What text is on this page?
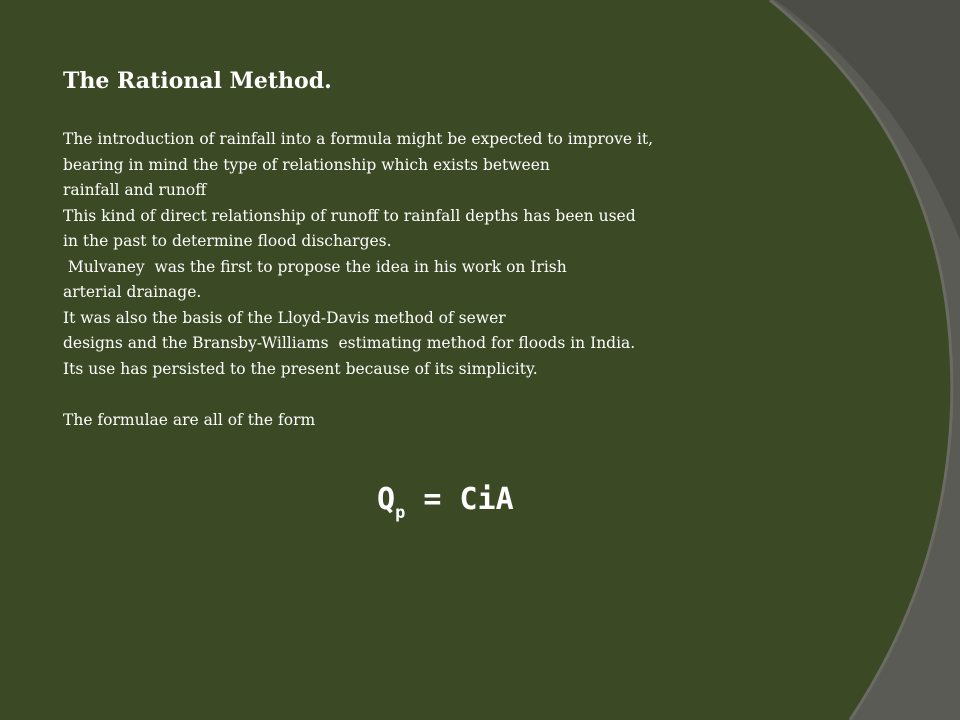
The Rational Method.
The introduction of rainfall into a formula might be expected to improve it,
bearing in mind the type of relationship which exists between
rainfall and runoff
This kind of direct relationship of runoff to rainfall depths has been used
in the past to determine flood discharges.
Mulvaney  was the first to propose the idea in his work on Irish
arterial drainage.
It was also the basis of the Lloyd-Davis method of sewer
designs and the Bransby-Williams  estimating method for floods in India.
Its use has persisted to the present because of its simplicity.
The formulae are all of the form
$Q_p$ = CiA
